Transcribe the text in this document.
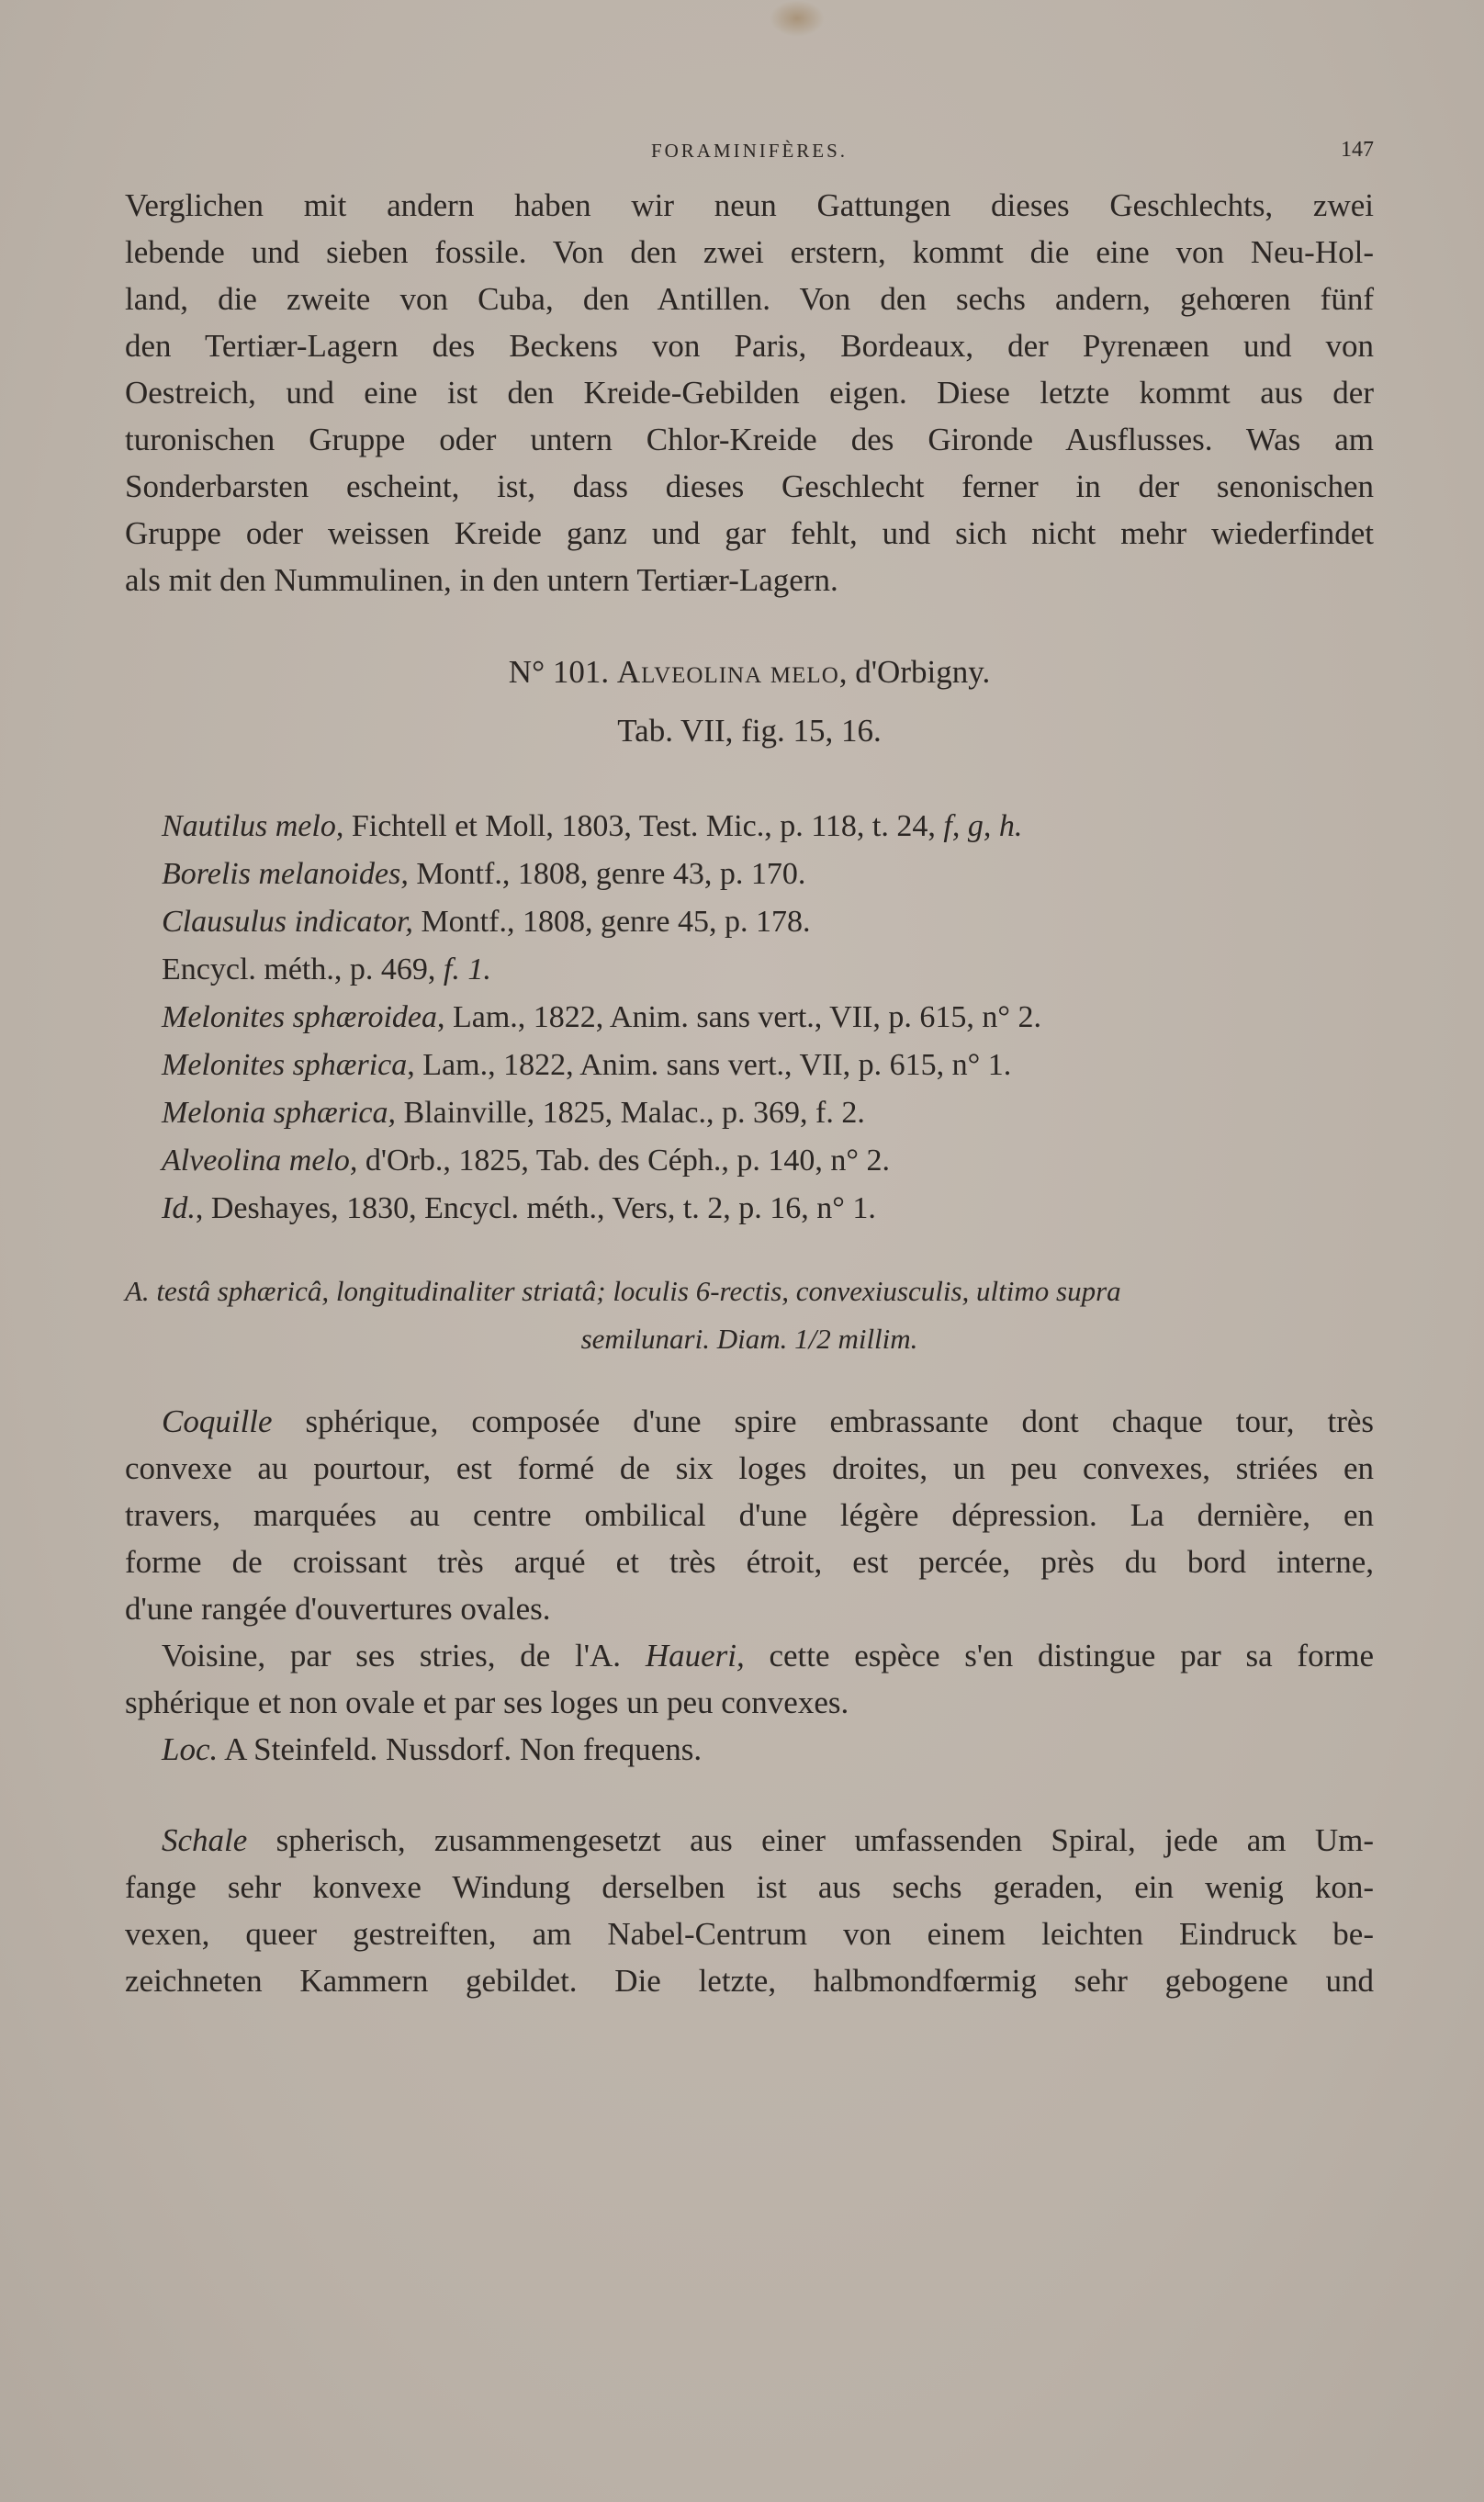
FORAMINIFÈRES.	147
Verglichen mit andern haben wir neun Gattungen dieses Geschlechts, zwei
lebende und sieben fossile. Von den zwei erstern, kommt die eine von Neu-Hol-
land, die zweite von Cuba, den Antillen. Von den sechs andern, gehœren fünf
den Tertiær-Lagern des Beckens von Paris, Bordeaux, der Pyrenæen und von
Oestreich, und eine ist den Kreide-Gebilden eigen. Diese letzte kommt aus der
turonischen Gruppe oder untern Chlor-Kreide des Gironde Ausflusses. Was am
Sonderbarsten escheint, ist, dass dieses Geschlecht ferner in der senonischen
Gruppe oder weissen Kreide ganz und gar fehlt, und sich nicht mehr wiederfindet
als mit den Nummulinen, in den untern Tertiær-Lagern.
N° 101. Alveolina melo, d'Orbigny.
Tab. VII, fig. 15, 16.
Nautilus melo, Fichtell et Moll, 1803, Test. Mic., p. 118, t. 24, f, g, h.
Borelis melanoides, Montf., 1808, genre 43, p. 170.
Clausulus indicator, Montf., 1808, genre 45, p. 178.
Encycl. méth., p. 469, f. 1.
Melonites sphæroidea, Lam., 1822, Anim. sans vert., VII, p. 615, n° 2.
Melonites sphærica, Lam., 1822, Anim. sans vert., VII, p. 615, n° 1.
Melonia sphærica, Blainville, 1825, Malac., p. 369, f. 2.
Alveolina melo, d'Orb., 1825, Tab. des Céph., p. 140, n° 2.
Id., Deshayes, 1830, Encycl. méth., Vers, t. 2, p. 16, n° 1.
A. testâ sphæricâ, longitudinaliter striatâ; loculis 6-rectis, convexiusculis, ultimo supra
semilunari. Diam. 1/2 millim.
Coquille sphérique, composée d'une spire embrassante dont chaque tour, très
convexe au pourtour, est formé de six loges droites, un peu convexes, striées en
travers, marquées au centre ombilical d'une légère dépression. La dernière, en
forme de croissant très arqué et très étroit, est percée, près du bord interne,
d'une rangée d'ouvertures ovales.
Voisine, par ses stries, de l'A. Haueri, cette espèce s'en distingue par sa forme
sphérique et non ovale et par ses loges un peu convexes.
Loc. A Steinfeld. Nussdorf. Non frequens.
Schale spherisch, zusammengesetzt aus einer umfassenden Spiral, jede am Um-
fange sehr konvexe Windung derselben ist aus sechs geraden, ein wenig kon-
vexen, queer gestreiften, am Nabel-Centrum von einem leichten Eindruck be-
zeichneten Kammern gebildet. Die letzte, halbmondfœrmig sehr gebogene und
